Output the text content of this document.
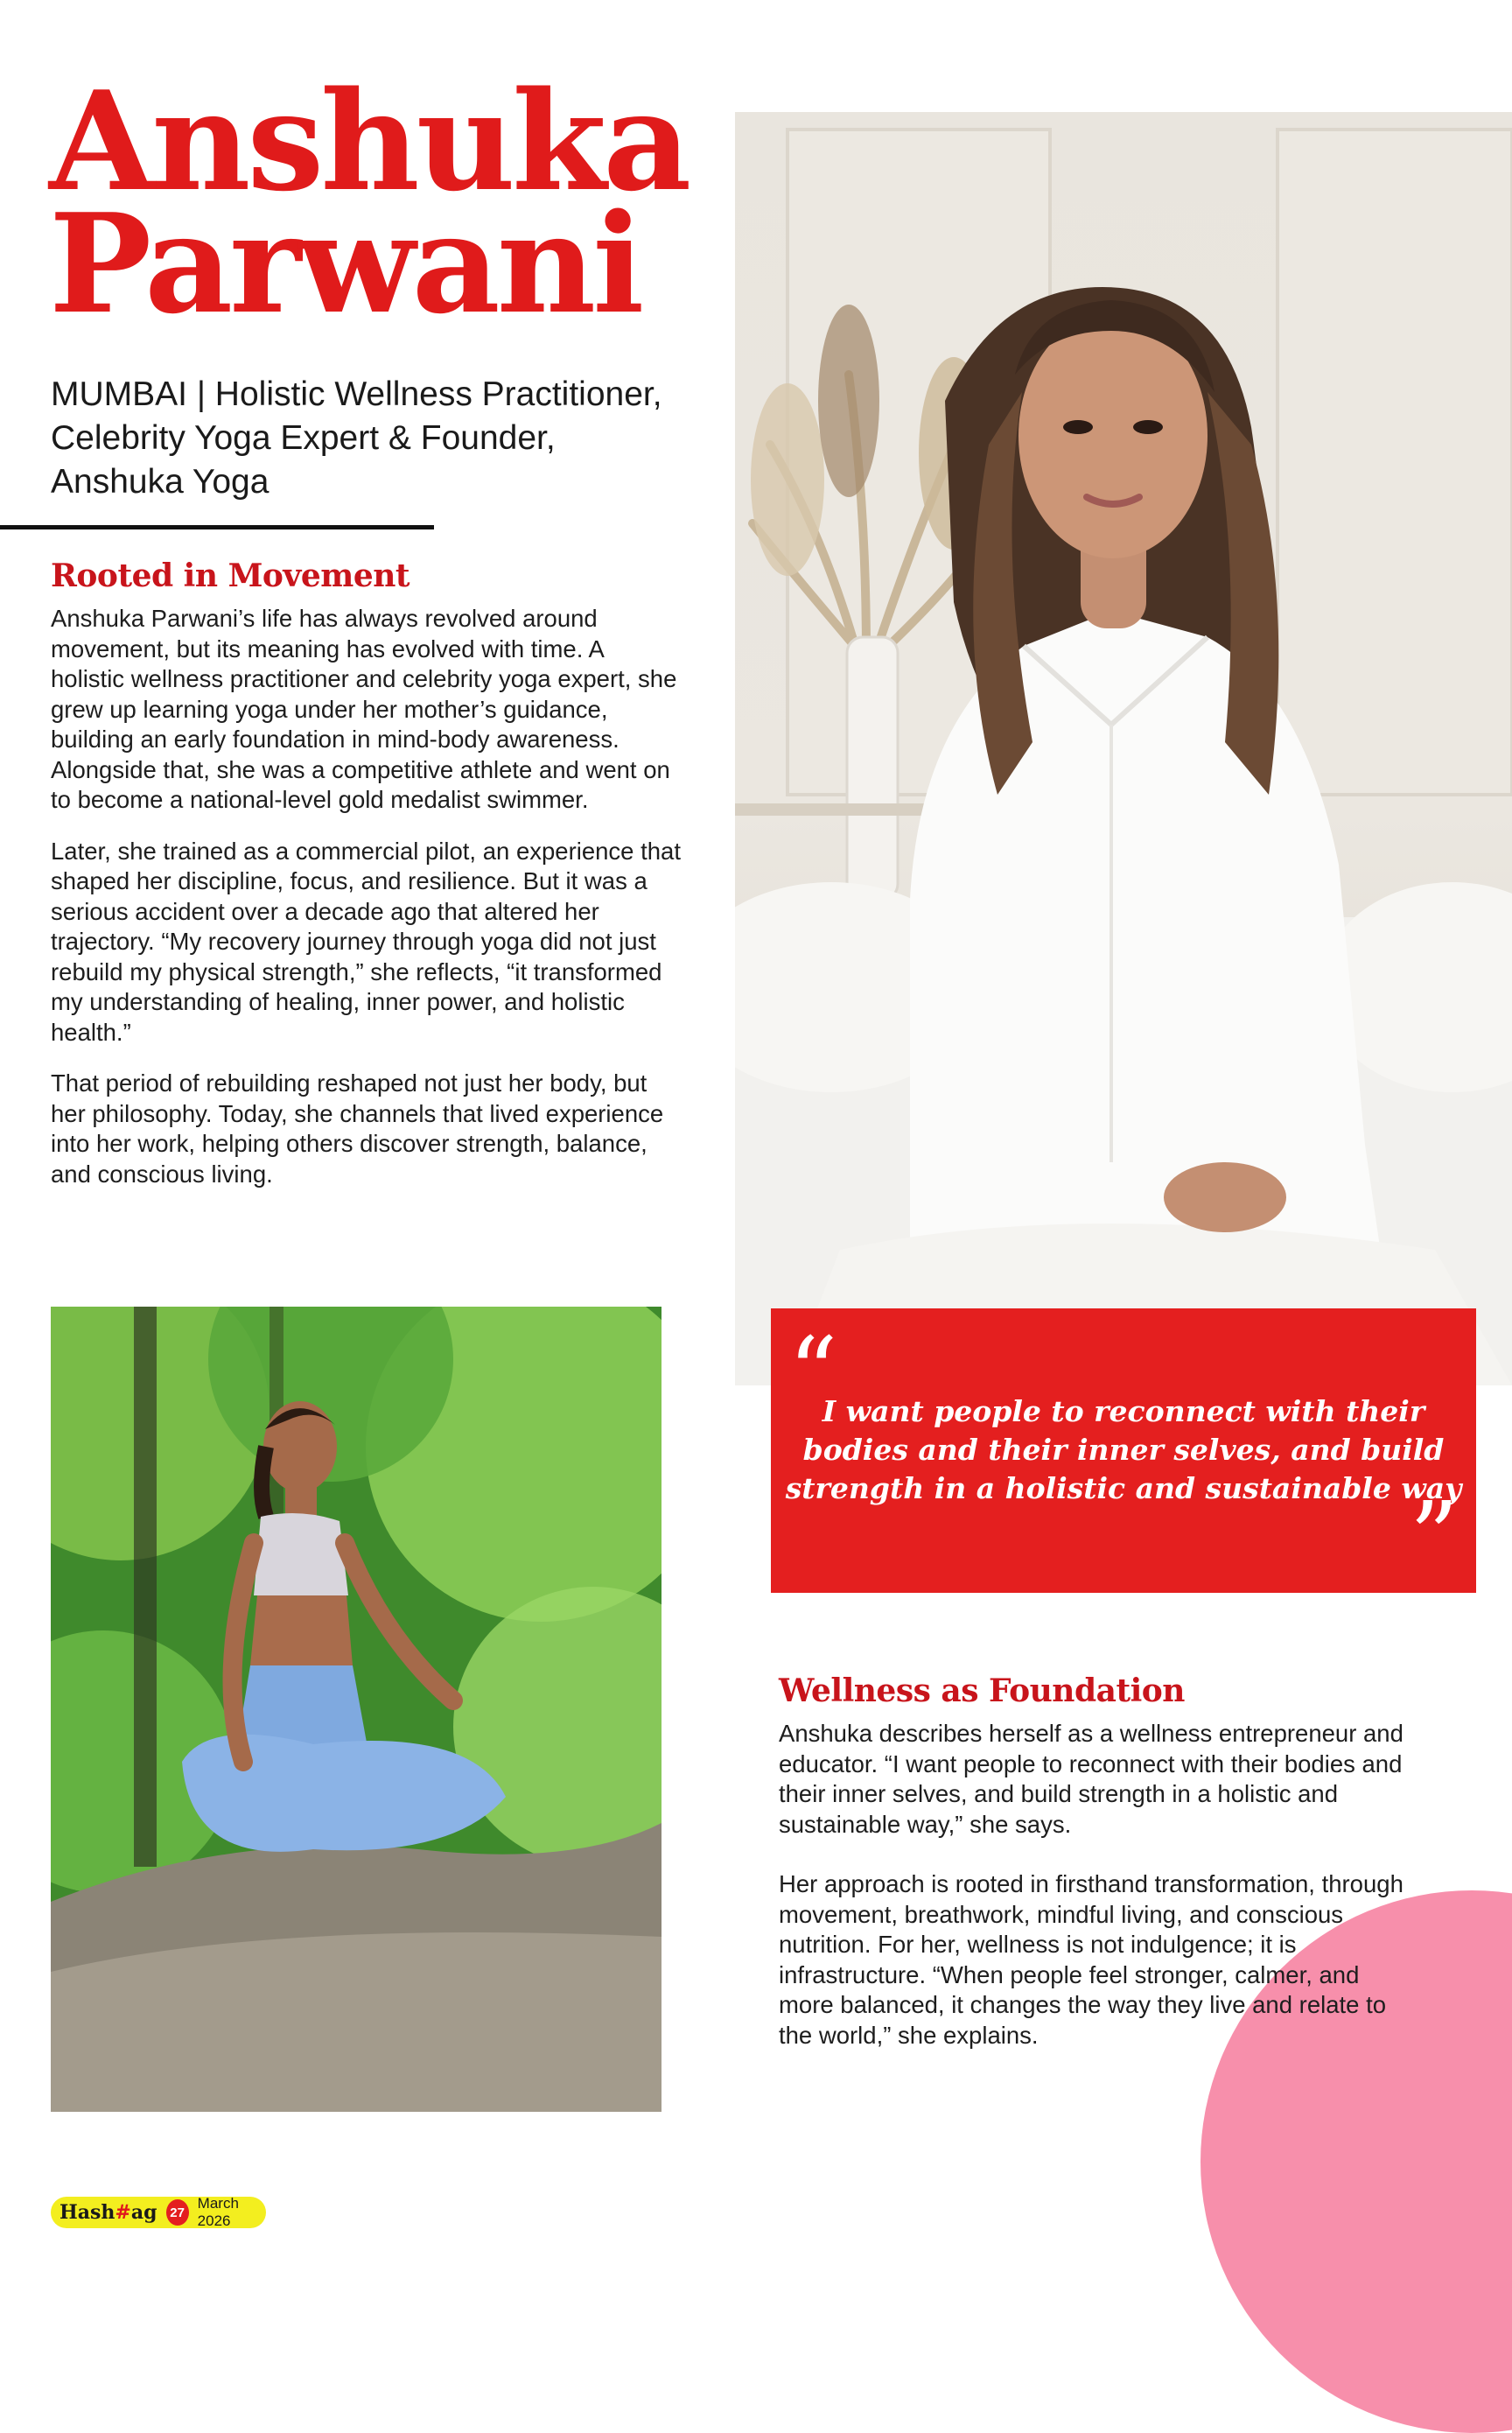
Anshuka
Parwani

MUMBAI | Holistic Wellness Practitioner, Celebrity Yoga Expert & Founder, Anshuka Yoga

Rooted in Movement

Anshuka Parwani’s life has always revolved around movement, but its meaning has evolved with time. A holistic wellness practitioner and celebrity yoga expert, she grew up learning yoga under her mother’s guidance, building an early foundation in mind-body awareness. Alongside that, she was a competitive athlete and went on to become a national-level gold medalist swimmer.

Later, she trained as a commercial pilot, an experience that shaped her discipline, focus, and resilience. But it was a serious accident over a decade ago that altered her trajectory. “My recovery journey through yoga did not just rebuild my physical strength,” she reflects, “it transformed my understanding of healing, inner power, and holistic health.”

That period of rebuilding reshaped not just her body, but her philosophy. Today, she channels that lived experience into her work, helping others discover strength, balance, and conscious living.

“

I want people to reconnect with their bodies and their inner selves, and build strength in a holistic and sustainable way

”
Wellness as Foundation

Anshuka describes herself as a wellness entrepreneur and educator. “I want people to reconnect with their bodies and their inner selves, and build strength in a holistic and sustainable way,” she says.

Her approach is rooted in firsthand transformation, through movement, breathwork, mindful living, and conscious nutrition. For her, wellness is not indulgence; it is infrastructure. “When people feel stronger, calmer, and more balanced, it changes the way they live and relate to the world,” she explains.

Hash#ag 27
March 2026
